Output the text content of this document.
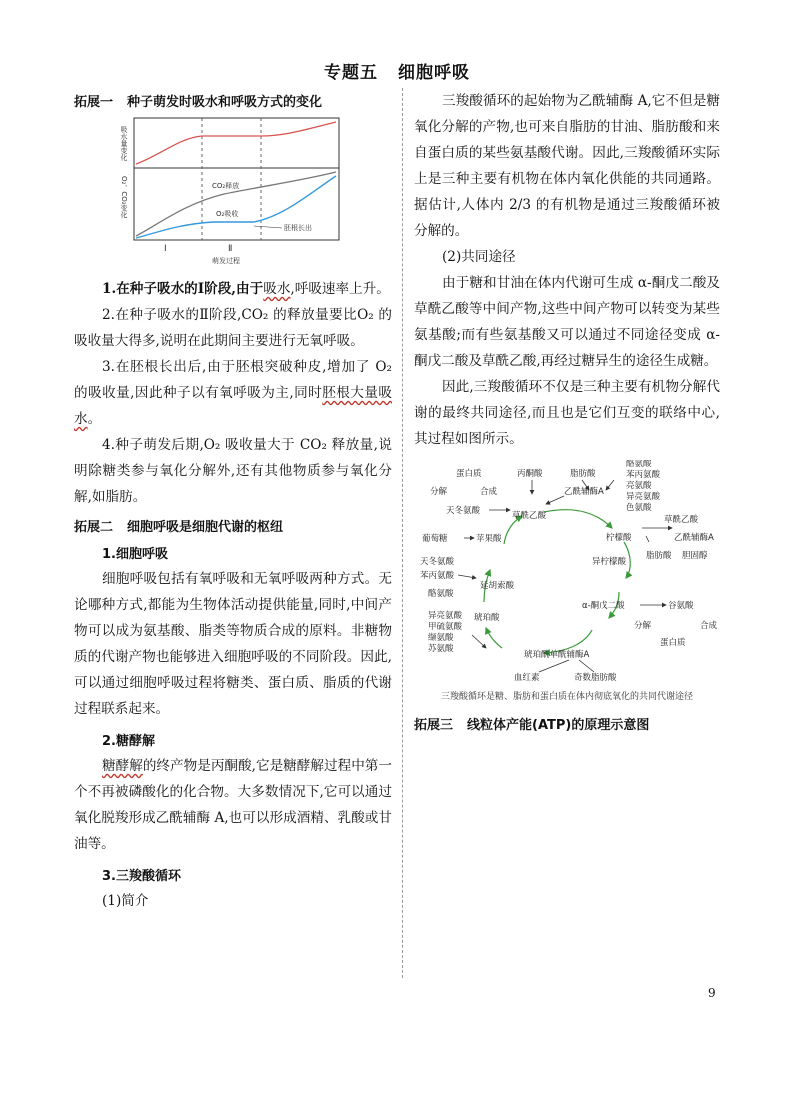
专题五 细胞呼吸
拓展一 种子萌发时吸水和呼吸方式的变化
吸水量变化
O₂、CO₂变化	CO₂释放
O₂吸收
胚根长出
Ⅰ	Ⅱ
萌发过程

1.在种子吸水的Ⅰ阶段,由于吸水,呼吸速率上升。

2.在种子吸水的Ⅱ阶段,CO₂ 的释放量要比O₂ 的吸收量大得多,说明在此期间主要进行无氧呼吸。

3.在胚根长出后,由于胚根突破种皮,增加了 O₂ 的吸收量,因此种子以有氧呼吸为主,同时胚根大量吸水。

4.种子萌发后期,O₂ 吸收量大于 CO₂ 释放量,说明除糖类参与氧化分解外,还有其他物质参与氧化分解,如脂肪。

拓展二 细胞呼吸是细胞代谢的枢纽
1.细胞呼吸

细胞呼吸包括有氧呼吸和无氧呼吸两种方式。无论哪种方式,都能为生物体活动提供能量,同时,中间产物可以成为氨基酸、脂类等物质合成的原料。非糖物质的代谢产物也能够进入细胞呼吸的不同阶段。因此,可以通过细胞呼吸过程将糖类、蛋白质、脂质的代谢过程联系起来。

2.糖酵解

糖酵解的终产物是丙酮酸,它是糖酵解过程中第一个不再被磷酸化的化合物。大多数情况下,它可以通过氧化脱羧形成乙酰辅酶 A,也可以形成酒精、乳酸或甘油等。

3.三羧酸循环

(1)简介

三羧酸循环的起始物为乙酰辅酶 A,它不但是糖氧化分解的产物,也可来自脂肪的甘油、脂肪酸和来自蛋白质的某些氨基酸代谢。因此,三羧酸循环实际上是三种主要有机物在体内氧化供能的共同通路。据估计,人体内 2/3 的有机物是通过三羧酸循环被分解的。

(2)共同途径

由于糖和甘油在体内代谢可生成 α-酮戊二酸及草酰乙酸等中间产物,这些中间产物可以转变为某些氨基酸;而有些氨基酸又可以通过不同途径变成 α-酮戊二酸及草酰乙酸,再经过糖异生的途径生成糖。

因此,三羧酸循环不仅是三种主要有机物分解代谢的最终共同途径,而且也是它们互变的联络中心,其过程如图所示。

蛋白质	丙酮酸	脂肪酸
乙酰辅酶A
酪氨酸
苯丙氨酸
亮氨酸
异亮氨酸
色氨酸
分解	合成
天冬氨酸	草酰乙酸
柠檬酸
草酰乙酸
乙酰辅酶A
脂肪酸 胆固醇
葡萄糖	苹果酸
异柠檬酸
天冬氨酸
苯丙氨酸
酪氨酸
延胡索酸
α-酮戊二酸	谷氨酸
分解	合成
蛋白质
琥珀酸
异亮氨酸
甲硫氨酸
缬氨酸
苏氨酸
琥珀酰单酰辅酶A
血红素	奇数脂肪酸
三羧酸循环是糖、脂肪和蛋白质在体内彻底氧化的共同代谢途径
拓展三 线粒体产能(ATP)的原理示意图
9
